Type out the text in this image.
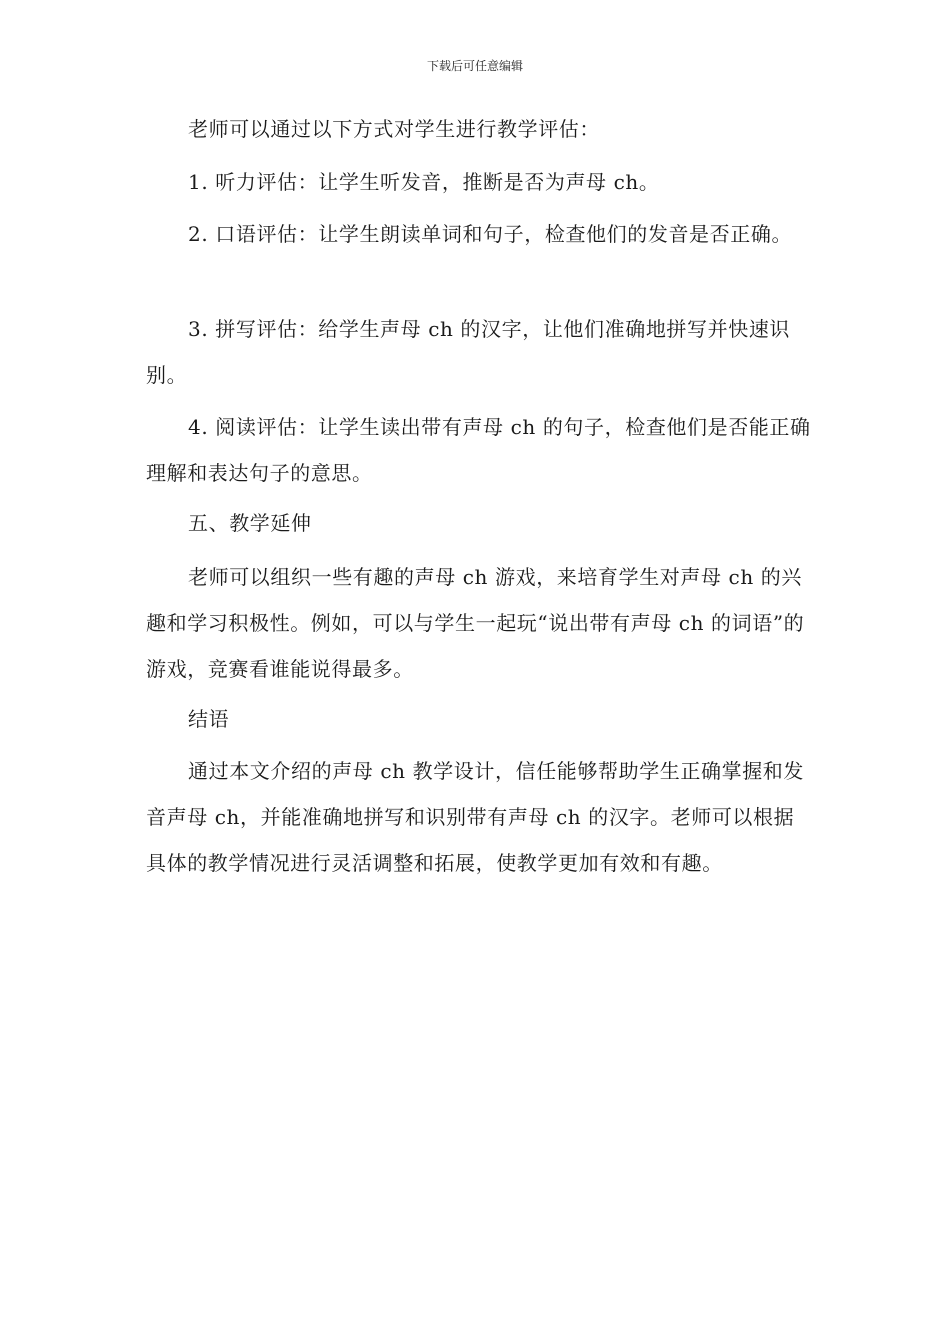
下载后可任意编辑

老师可以通过以下方式对学生进行教学评估：

1. 听力评估：让学生听发音，推断是否为声母 ch。

2. 口语评估：让学生朗读单词和句子，检查他们的发音是否正确。

3. 拼写评估：给学生声母 ch 的汉字，让他们准确地拼写并快速识别。

4. 阅读评估：让学生读出带有声母 ch 的句子，检查他们是否能正确理解和表达句子的意思。

五、教学延伸

老师可以组织一些有趣的声母 ch 游戏，来培育学生对声母 ch 的兴趣和学习积极性。例如，可以与学生一起玩“说出带有声母 ch 的词语”的游戏，竞赛看谁能说得最多。

结语

通过本文介绍的声母 ch 教学设计，信任能够帮助学生正确掌握和发音声母 ch，并能准确地拼写和识别带有声母 ch 的汉字。老师可以根据具体的教学情况进行灵活调整和拓展，使教学更加有效和有趣。
